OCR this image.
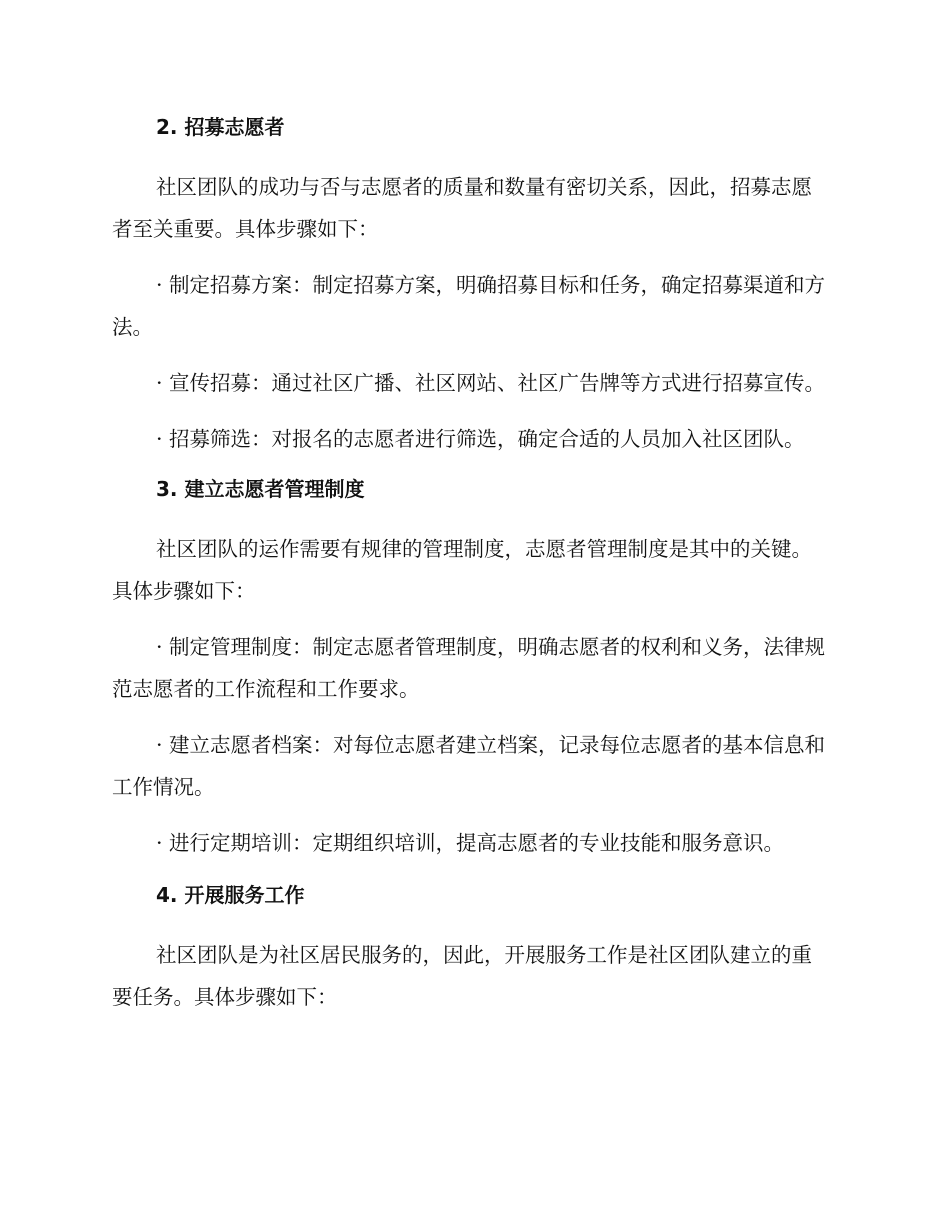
2. 招募志愿者

社区团队的成功与否与志愿者的质量和数量有密切关系，因此，招募志愿者至关重要。具体步骤如下：

· 制定招募方案：制定招募方案，明确招募目标和任务，确定招募渠道和方法。

· 宣传招募：通过社区广播、社区网站、社区广告牌等方式进行招募宣传。

· 招募筛选：对报名的志愿者进行筛选，确定合适的人员加入社区团队。

3. 建立志愿者管理制度

社区团队的运作需要有规律的管理制度，志愿者管理制度是其中的关键。具体步骤如下：

· 制定管理制度：制定志愿者管理制度，明确志愿者的权利和义务，法律规范志愿者的工作流程和工作要求。

· 建立志愿者档案：对每位志愿者建立档案，记录每位志愿者的基本信息和工作情况。

· 进行定期培训：定期组织培训，提高志愿者的专业技能和服务意识。

4. 开展服务工作

社区团队是为社区居民服务的，因此，开展服务工作是社区团队建立的重要任务。具体步骤如下：
